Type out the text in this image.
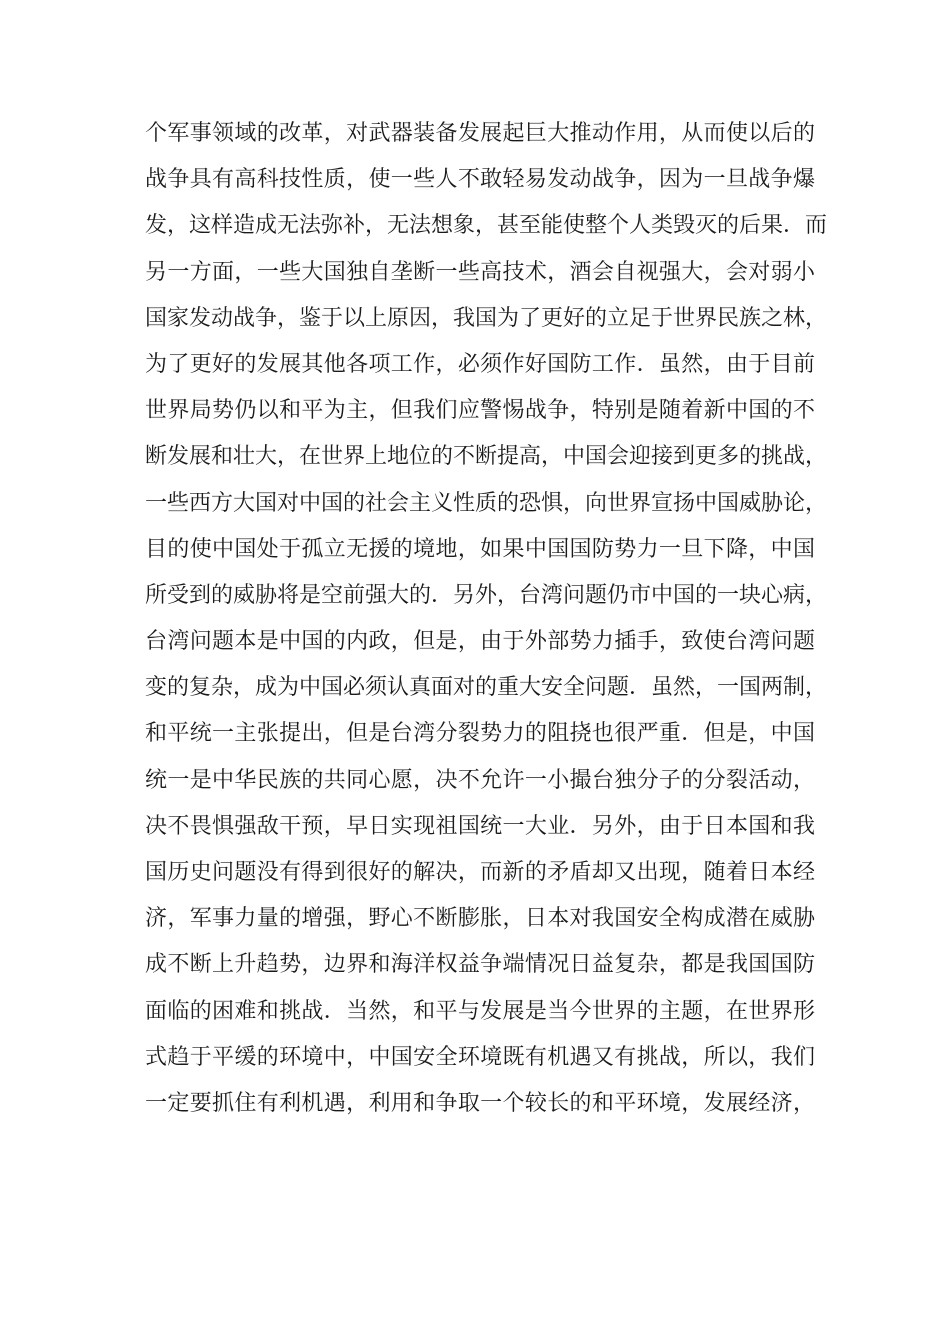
个军事领域的改革，对武器装备发展起巨大推动作用，从而使以后的
战争具有高科技性质，使一些人不敢轻易发动战争，因为一旦战争爆
发，这样造成无法弥补，无法想象，甚至能使整个人类毁灭的后果．而
另一方面，一些大国独自垄断一些高技术，酒会自视强大，会对弱小
国家发动战争，鉴于以上原因，我国为了更好的立足于世界民族之林，
为了更好的发展其他各项工作，必须作好国防工作．虽然，由于目前
世界局势仍以和平为主，但我们应警惕战争，特别是随着新中国的不
断发展和壮大，在世界上地位的不断提高，中国会迎接到更多的挑战，
一些西方大国对中国的社会主义性质的恐惧，向世界宣扬中国威胁论，
目的使中国处于孤立无援的境地，如果中国国防势力一旦下降，中国
所受到的威胁将是空前强大的．另外，台湾问题仍市中国的一块心病，
台湾问题本是中国的内政，但是，由于外部势力插手，致使台湾问题
变的复杂，成为中国必须认真面对的重大安全问题．虽然，一国两制，
和平统一主张提出，但是台湾分裂势力的阻挠也很严重．但是，中国
统一是中华民族的共同心愿，决不允许一小撮台独分子的分裂活动，
决不畏惧强敌干预，早日实现祖国统一大业．另外，由于日本国和我
国历史问题没有得到很好的解决，而新的矛盾却又出现，随着日本经
济，军事力量的增强，野心不断膨胀，日本对我国安全构成潜在威胁
成不断上升趋势，边界和海洋权益争端情况日益复杂，都是我国国防
面临的困难和挑战．当然，和平与发展是当今世界的主题，在世界形
式趋于平缓的环境中，中国安全环境既有机遇又有挑战，所以，我们
一定要抓住有利机遇，利用和争取一个较长的和平环境，发展经济，
